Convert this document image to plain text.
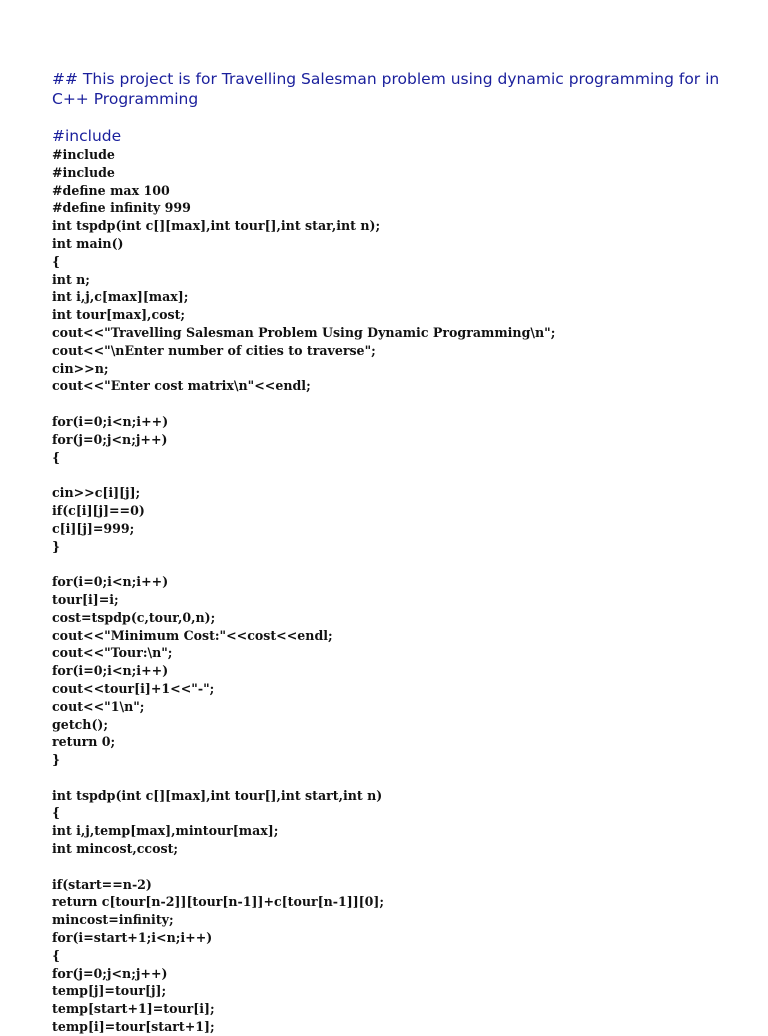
## This project is for Travelling Salesman problem using dynamic programming for in C++ Programming

#include

#include
#include
#define max 100
#define infinity 999
int tspdp(int c[][max],int tour[],int star,int n);
int main()
{
int n;
int i,j,c[max][max];
int tour[max],cost;
cout<<"Travelling Salesman Problem Using Dynamic Programming\n";
cout<<"\nEnter number of cities to traverse";
cin>>n;
cout<<"Enter cost matrix\n"<<endl;
for(i=0;i<n;i++)
for(j=0;j<n;j++)
{
cin>>c[i][j];
if(c[i][j]==0)
c[i][j]=999;
}
for(i=0;i<n;i++)
tour[i]=i;
cost=tspdp(c,tour,0,n);
cout<<"Minimum Cost:"<<cost<<endl;
cout<<"Tour:\n";
for(i=0;i<n;i++)
cout<<tour[i]+1<<"-";
cout<<"1\n";
getch();
return 0;
}
int tspdp(int c[][max],int tour[],int start,int n)
{
int i,j,temp[max],mintour[max];
int mincost,ccost;
if(start==n-2)
return c[tour[n-2]][tour[n-1]]+c[tour[n-1]][0];
mincost=infinity;
for(i=start+1;i<n;i++)
{
for(j=0;j<n;j++)
temp[j]=tour[j];
temp[start+1]=tour[i];
temp[i]=tour[start+1];
